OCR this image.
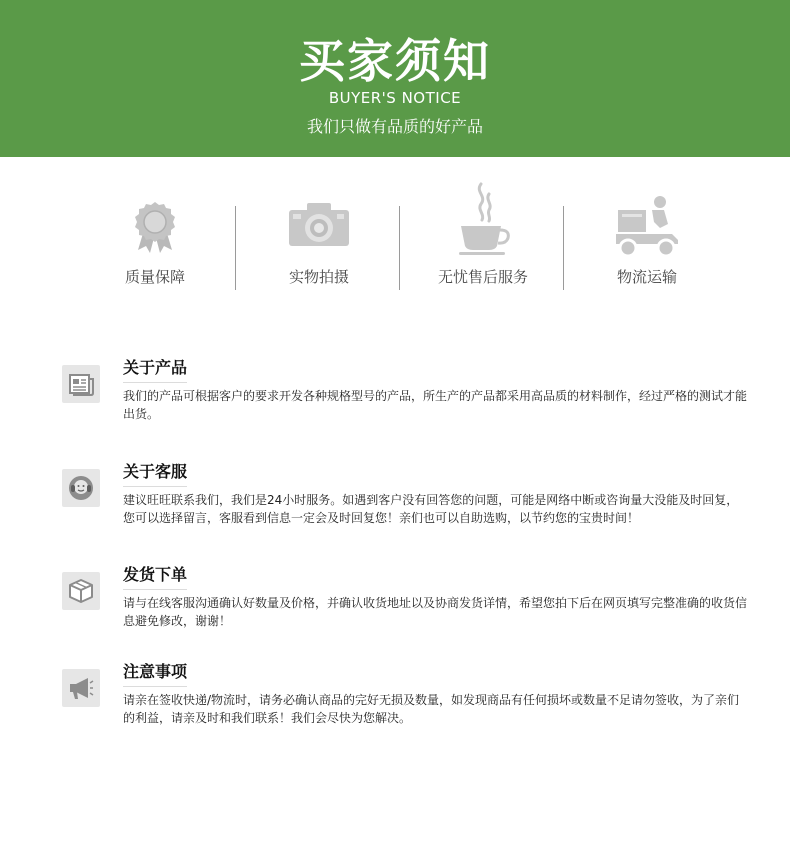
买家须知
BUYER'S NOTICE
我们只做有品质的好产品
质量保障	实物拍摄	无忧售后服务	物流运输
关于产品
我们的产品可根据客户的要求开发各种规格型号的产品，所生产的产品都采用高品质的材料制作，经过严格的测试才能出货。
关于客服
建议旺旺联系我们，我们是24小时服务。如遇到客户没有回答您的问题，可能是网络中断或咨询量大没能及时回复，您可以选择留言，客服看到信息一定会及时回复您！亲们也可以自助选购，以节约您的宝贵时间！
发货下单
请与在线客服沟通确认好数量及价格，并确认收货地址以及协商发货详情，希望您拍下后在网页填写完整准确的收货信息避免修改，谢谢！
注意事项
请亲在签收快递/物流时，请务必确认商品的完好无损及数量，如发现商品有任何损坏或数量不足请勿签收，为了亲们的利益，请亲及时和我们联系！我们会尽快为您解决。
